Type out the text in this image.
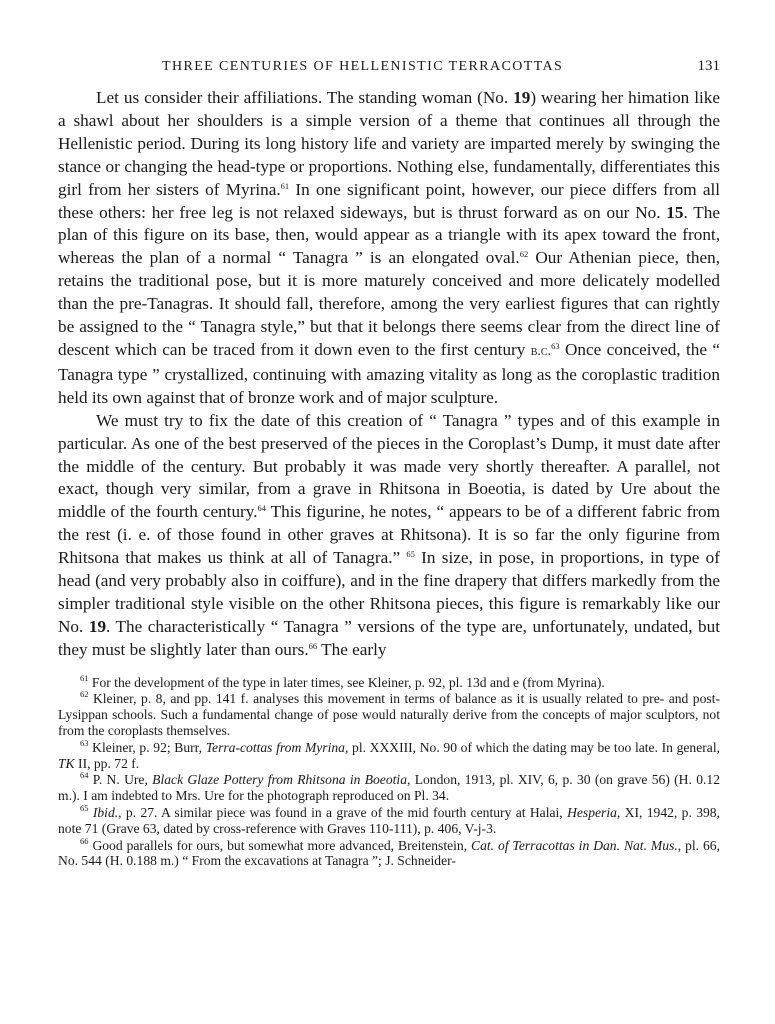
THREE CENTURIES OF HELLENISTIC TERRACOTTAS	131

Let us consider their affiliations. The standing woman (No. 19) wearing her himation like a shawl about her shoulders is a simple version of a theme that continues all through the Hellenistic period. During its long history life and variety are imparted merely by swinging the stance or changing the head-type or proportions. Nothing else, fundamentally, differentiates this girl from her sisters of Myrina.$^{61}$ In one significant point, however, our piece differs from all these others: her free leg is not relaxed sideways, but is thrust forward as on our No. 15. The plan of this figure on its base, then, would appear as a triangle with its apex toward the front, whereas the plan of a normal “ Tanagra ” is an elongated oval.$^{62}$ Our Athenian piece, then, retains the traditional pose, but it is more maturely conceived and more delicately modelled than the pre-Tanagras. It should fall, therefore, among the very earliest figures that can rightly be assigned to the “ Tanagra style,” but that it belongs there seems clear from the direct line of descent which can be traced from it down even to the first century b.c.$^{63}$ Once conceived, the “ Tanagra type ” crystallized, continuing with amazing vitality as long as the coroplastic tradition held its own against that of bronze work and of major sculpture.

We must try to fix the date of this creation of “ Tanagra ” types and of this example in particular. As one of the best preserved of the pieces in the Coroplast’s Dump, it must date after the middle of the century. But probably it was made very shortly thereafter. A parallel, not exact, though very similar, from a grave in Rhitsona in Boeotia, is dated by Ure about the middle of the fourth century.$^{64}$ This figurine, he notes, “ appears to be of a different fabric from the rest (i. e. of those found in other graves at Rhitsona). It is so far the only figurine from Rhitsona that makes us think at all of Tanagra.” $^{65}$ In size, in pose, in proportions, in type of head (and very probably also in coiffure), and in the fine drapery that differs markedly from the simpler traditional style visible on the other Rhitsona pieces, this figure is remarkably like our No. 19. The characteristically “ Tanagra ” versions of the type are, unfortunately, undated, but they must be slightly later than ours.$^{66}$ The early

$^{61}$ For the development of the type in later times, see Kleiner, p. 92, pl. 13d and e (from Myrina).

$^{62}$ Kleiner, p. 8, and pp. 141 f. analyses this movement in terms of balance as it is usually related to pre- and post-Lysippan schools. Such a fundamental change of pose would naturally derive from the concepts of major sculptors, not from the coroplasts themselves.

$^{63}$ Kleiner, p. 92; Burr, Terra-cottas from Myrina, pl. XXXIII, No. 90 of which the dating may be too late. In general, TK II, pp. 72 f.

$^{64}$ P. N. Ure, Black Glaze Pottery from Rhitsona in Boeotia, London, 1913, pl. XIV, 6, p. 30 (on grave 56) (H. 0.12 m.). I am indebted to Mrs. Ure for the photograph reproduced on Pl. 34.

$^{65}$ Ibid., p. 27. A similar piece was found in a grave of the mid fourth century at Halai, Hesperia, XI, 1942, p. 398, note 71 (Grave 63, dated by cross-reference with Graves 110-111), p. 406, V-j-3.

$^{66}$ Good parallels for ours, but somewhat more advanced, Breitenstein, Cat. of Terracottas in Dan. Nat. Mus., pl. 66, No. 544 (H. 0.188 m.) “ From the excavations at Tanagra ”; J. Schneider-
